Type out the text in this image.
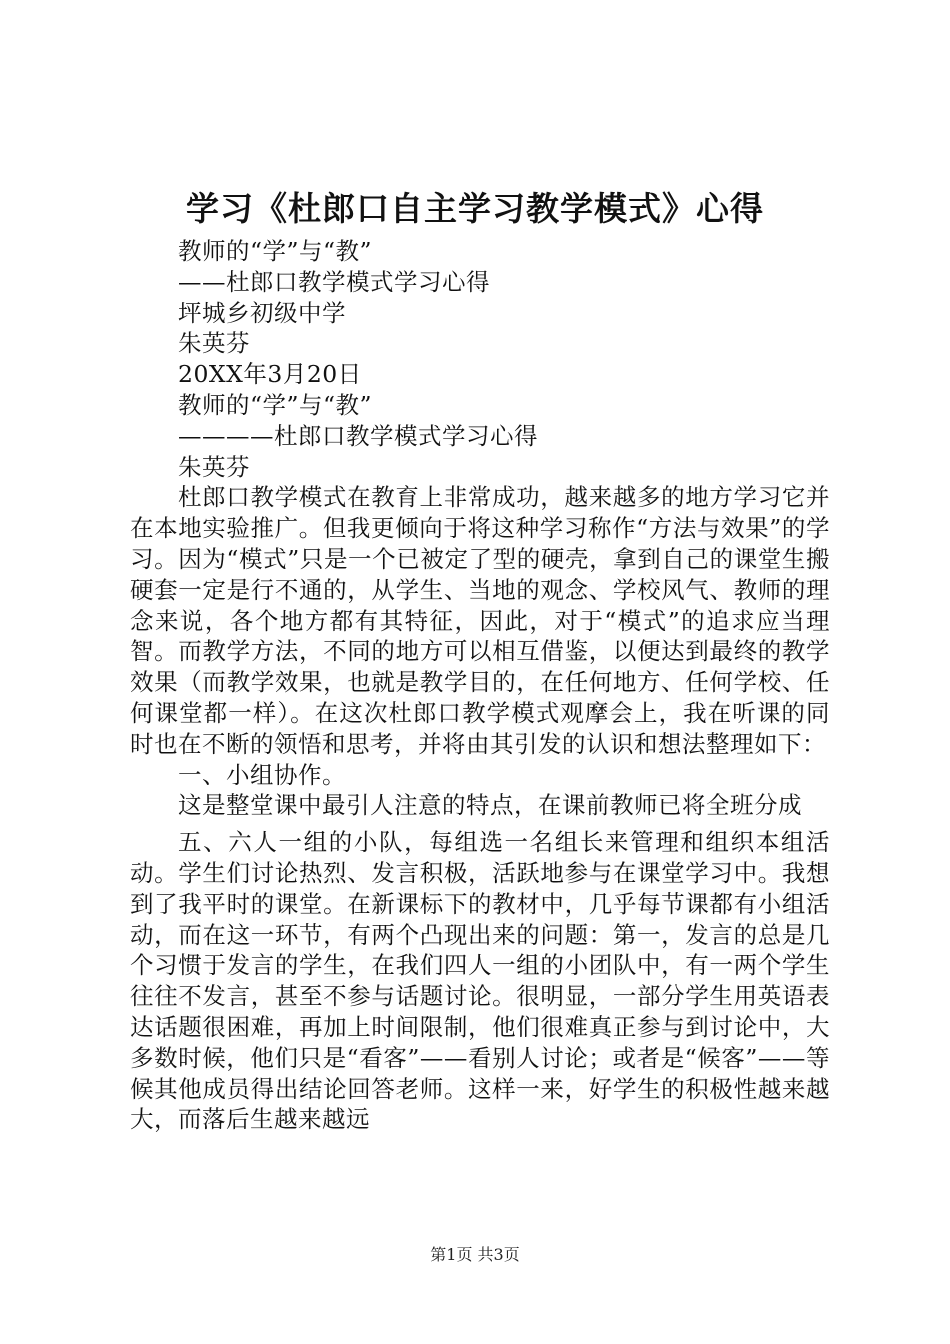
学习《杜郎口自主学习教学模式》心得
教师的“学”与“教”
——杜郎口教学模式学习心得
坪城乡初级中学
朱英芬
20XX年3月20日
教师的“学”与“教”
————杜郎口教学模式学习心得
朱英芬
杜郎口教学模式在教育上非常成功，越来越多的地方学习它并在本地实验推广。但我更倾向于将这种学习称作“方法与效果”的学习。因为“模式”只是一个已被定了型的硬壳，拿到自己的课堂生搬硬套一定是行不通的，从学生、当地的观念、学校风气、教师的理念来说，各个地方都有其特征，因此，对于“模式”的追求应当理智。而教学方法，不同的地方可以相互借鉴，以便达到最终的教学效果（而教学效果，也就是教学目的，在任何地方、任何学校、任何课堂都一样）。在这次杜郎口教学模式观摩会上，我在听课的同时也在不断的领悟和思考，并将由其引发的认识和想法整理如下：
一、小组协作。
这是整堂课中最引人注意的特点，在课前教师已将全班分成
五、六人一组的小队，每组选一名组长来管理和组织本组活动。学生们讨论热烈、发言积极，活跃地参与在课堂学习中。我想到了我平时的课堂。在新课标下的教材中，几乎每节课都有小组活动，而在这一环节，有两个凸现出来的问题：第一，发言的总是几个习惯于发言的学生，在我们四人一组的小团队中，有一两个学生往往不发言，甚至不参与话题讨论。很明显，一部分学生用英语表达话题很困难，再加上时间限制，他们很难真正参与到讨论中，大多数时候，他们只是“看客”——看别人讨论；或者是“候客”——等候其他成员得出结论回答老师。这样一来，好学生的积极性越来越大，而落后生越来越远
第1页 共3页
